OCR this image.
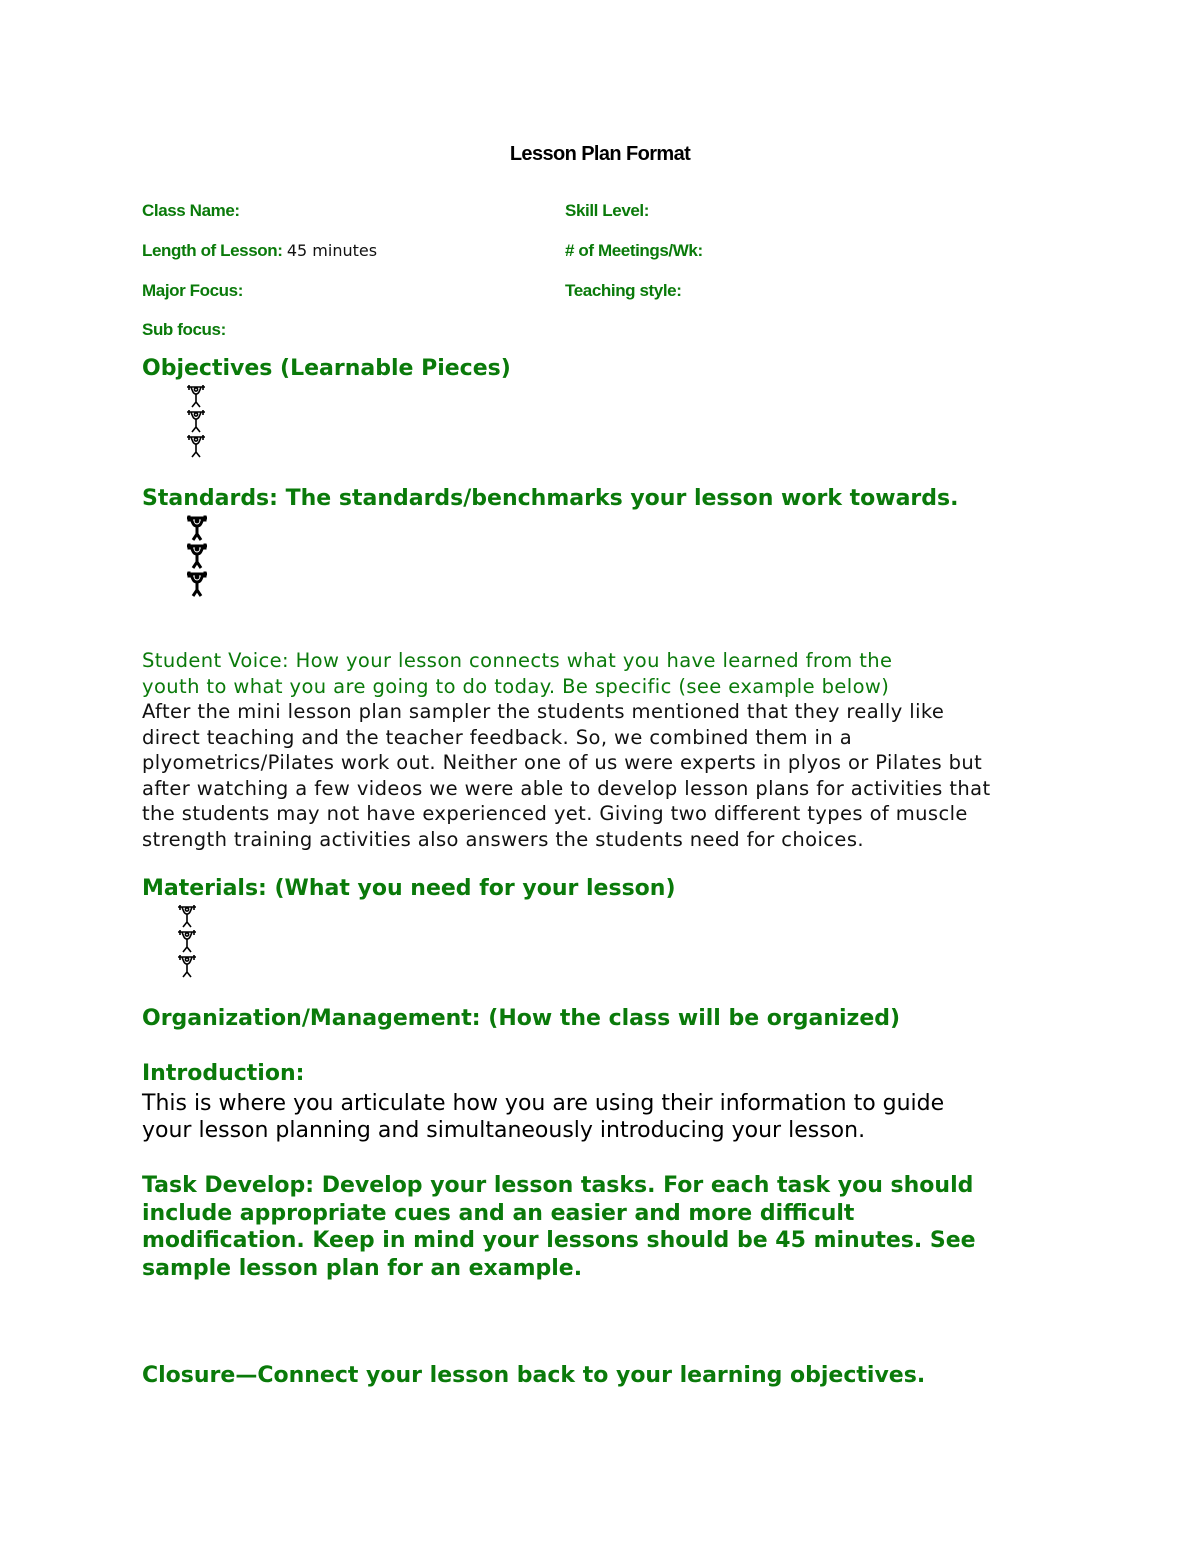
Lesson Plan Format
Class Name:	Skill Level:
Length of Lesson: 45 minutes	# of Meetings/Wk:
Major Focus:	Teaching style:
Sub focus:
Objectives (Learnable Pieces)
Standards: The standards/benchmarks your lesson work towards.
Student Voice: How your lesson connects what you have learned from the
youth to what you are going to do today. Be specific (see example below)
After the mini lesson plan sampler the students mentioned that they really like
direct teaching and the teacher feedback. So, we combined them in a
plyometrics/Pilates work out. Neither one of us were experts in plyos or Pilates but
after watching a few videos we were able to develop lesson plans for activities that
the students may not have experienced yet. Giving two different types of muscle
strength training activities also answers the students need for choices.
Materials: (What you need for your lesson)
Organization/Management: (How the class will be organized)
Introduction:
This is where you articulate how you are using their information to guide
your lesson planning and simultaneously introducing your lesson.
Task Develop: Develop your lesson tasks. For each task you should
include appropriate cues and an easier and more difficult
modification. Keep in mind your lessons should be 45 minutes. See
sample lesson plan for an example.
Closure—Connect your lesson back to your learning objectives.
